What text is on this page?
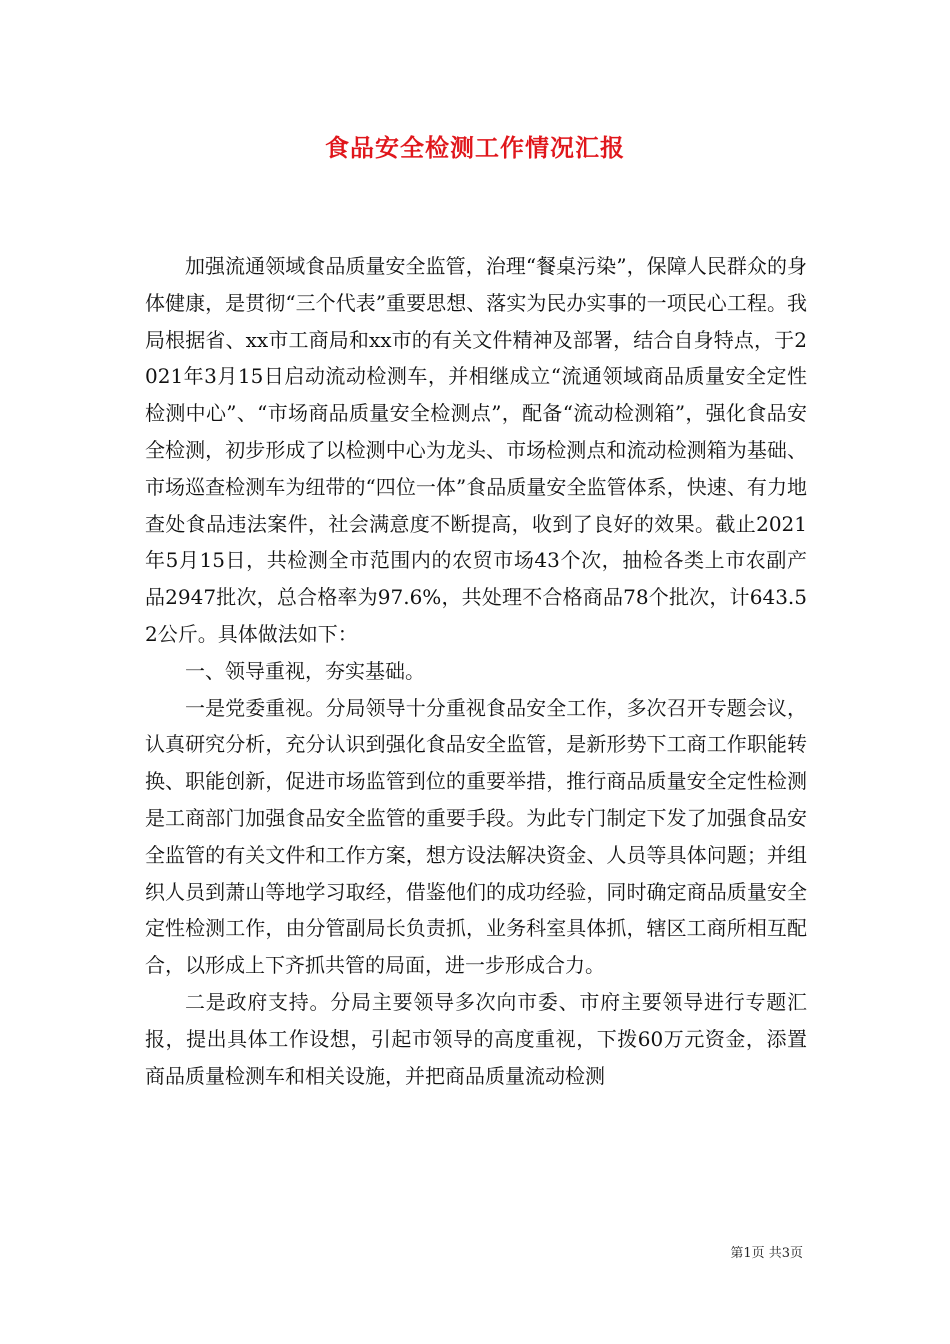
食品安全检测工作情况汇报

加强流通领域食品质量安全监管，治理“餐桌污染”，保障人民群众的身体健康，是贯彻“三个代表”重要思想、落实为民办实事的一项民心工程。我局根据省、xx市工商局和xx市的有关文件精神及部署，结合自身特点，于2021年3月15日启动流动检测车，并相继成立“流通领域商品质量安全定性检测中心”、“市场商品质量安全检测点”，配备“流动检测箱”，强化食品安全检测，初步形成了以检测中心为龙头、市场检测点和流动检测箱为基础、市场巡查检测车为纽带的“四位一体”食品质量安全监管体系，快速、有力地查处食品违法案件，社会满意度不断提高，收到了良好的效果。截止2021年5月15日，共检测全市范围内的农贸市场43个次，抽检各类上市农副产品2947批次，总合格率为97.6%，共处理不合格商品78个批次，计643.52公斤。具体做法如下：

一、领导重视，夯实基础。

一是党委重视。分局领导十分重视食品安全工作，多次召开专题会议，认真研究分析，充分认识到强化食品安全监管，是新形势下工商工作职能转换、职能创新，促进市场监管到位的重要举措，推行商品质量安全定性检测是工商部门加强食品安全监管的重要手段。为此专门制定下发了加强食品安全监管的有关文件和工作方案，想方设法解决资金、人员等具体问题；并组织人员到萧山等地学习取经，借鉴他们的成功经验，同时确定商品质量安全定性检测工作，由分管副局长负责抓，业务科室具体抓，辖区工商所相互配合，以形成上下齐抓共管的局面，进一步形成合力。

二是政府支持。分局主要领导多次向市委、市府主要领导进行专题汇报，提出具体工作设想，引起市领导的高度重视，下拨60万元资金，添置商品质量检测车和相关设施，并把商品质量流动检测

第1页 共3页
